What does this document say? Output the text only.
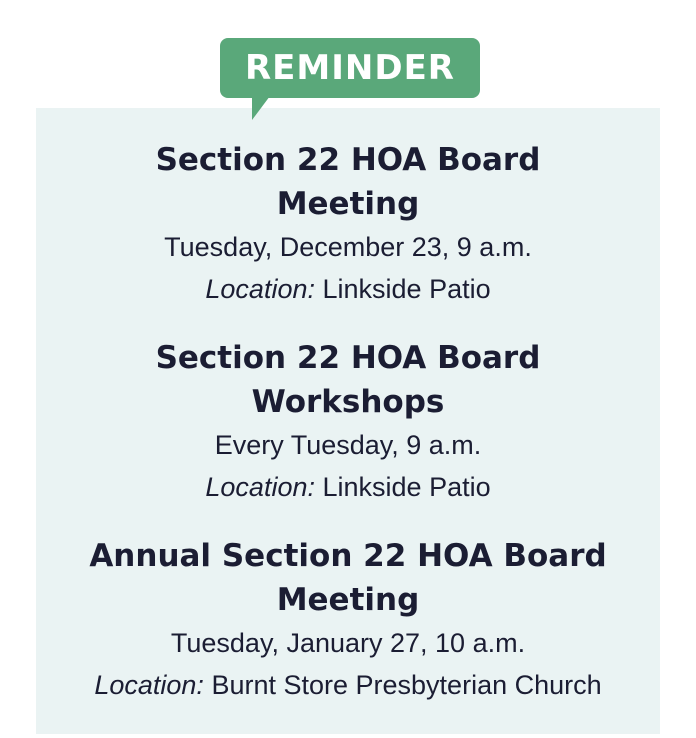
REMINDER
Section 22 HOA Board Meeting
Tuesday, December 23, 9 a.m.
Location: Linkside Patio
Section 22 HOA Board Workshops
Every Tuesday, 9 a.m.
Location: Linkside Patio
Annual Section 22 HOA Board Meeting
Tuesday, January 27, 10 a.m.
Location: Burnt Store Presbyterian Church
